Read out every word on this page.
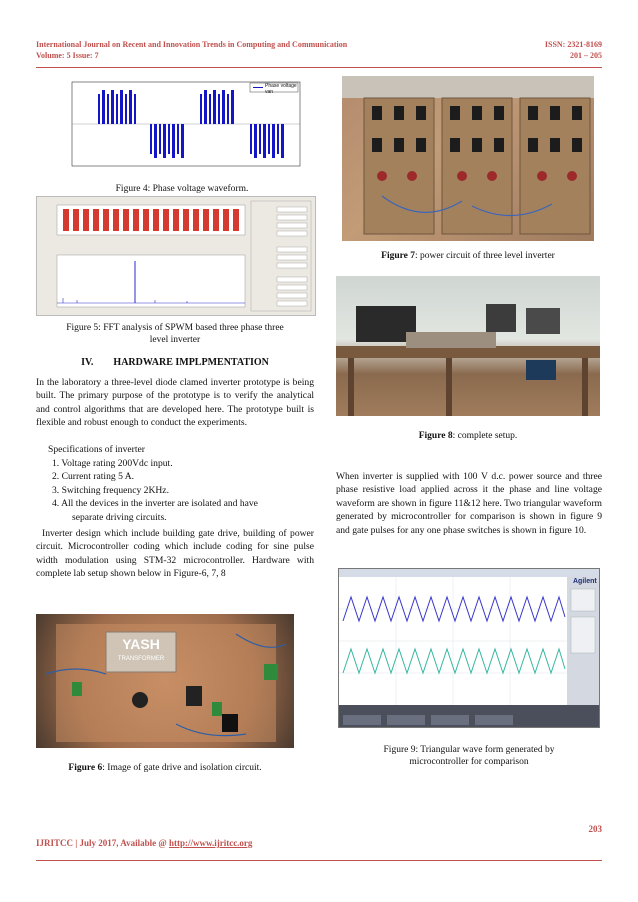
International Journal on Recent and Innovation Trends in Computing and Communication
Volume: 5 Issue: 7
ISSN: 2321-8169
201 – 205
Phase voltage van
Figure 4: Phase voltage waveform.
Figure 5: FFT analysis of SPWM based three phase three
level inverter
IV.        HARDWARE IMPLPMENTATION
In the laboratory a three-level diode clamed inverter prototype is being built. The primary purpose of the prototype is to verify the analytical and control algorithms that are developed here. The prototype built is flexible and robust enough to conduct the experiments.
Specifications of inverter
1. Voltage rating 200Vdc input.
2. Current rating 5 A.
3. Switching frequency 2KHz.
4. All the devices in the inverter are isolated and have
separate driving circuits.
Inverter design which include building gate drive, building of power circuit. Microcontroller coding which include coding for sine pulse width modulation using STM-32 microcontroller. Hardware with complete lab setup shown below in Figure-6, 7, 8
YASH
TRANSFORMER
Figure 6: Image of gate drive and isolation circuit.
Figure 7: power circuit of three level inverter
Figure 8: complete setup.
When inverter is supplied with 100 V d.c. power source and three phase resistive load applied across it the phase and line voltage waveform are shown in figure 11&12 here. Two triangular waveform generated by microcontroller for comparison is shown in figure 9 and gate pulses for any one phase switches is shown in figure 10.
Agilent
Figure 9: Triangular wave form generated by
microcontroller for comparison
203
IJRITCC | July 2017, Available @ http://www.ijritcc.org
